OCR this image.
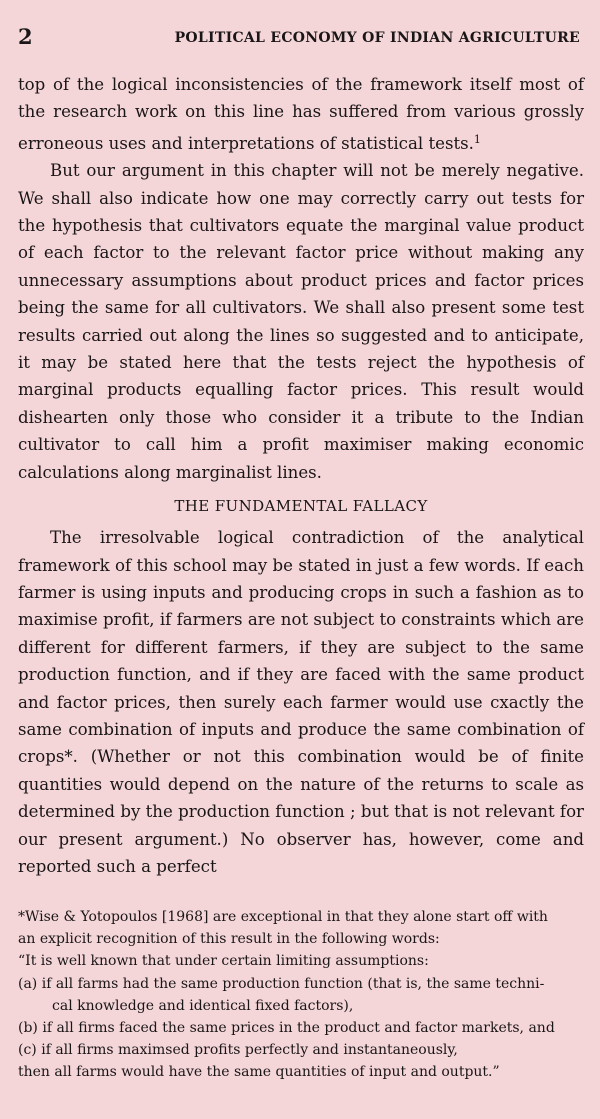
2	POLITICAL ECONOMY OF INDIAN AGRICULTURE

top of the logical inconsistencies of the framework itself most of the research work on this line has suffered from various grossly erroneous uses and interpretations of statistical tests.$^1$

But our argument in this chapter will not be merely negative. We shall also indicate how one may correctly carry out tests for the hypothesis that cultivators equate the marginal value product of each factor to the relevant factor price without making any unnecessary assumptions about product prices and factor prices being the same for all cultivators. We shall also present some test results carried out along the lines so suggested and to anticipate, it may be stated here that the tests reject the hypothesis of marginal products equalling factor prices. This result would dishearten only those who consider it a tribute to the Indian cultivator to call him a profit maximiser making economic calculations along marginalist lines.

THE FUNDAMENTAL FALLACY

The irresolvable logical contradiction of the analytical framework of this school may be stated in just a few words. If each farmer is using inputs and producing crops in such a fashion as to maximise profit, if farmers are not subject to constraints which are different for different farmers, if they are subject to the same production function, and if they are faced with the same product and factor prices, then surely each farmer would use cxactly the same combination of inputs and produce the same combination of crops*. (Whether or not this combination would be of finite quantities would depend on the nature of the returns to scale as determined by the production function ; but that is not relevant for our present argument.) No observer has, however, come and reported such a perfect

*Wise & Yotopoulos [1968] are exceptional in that they alone start off with
an explicit recognition of this result in the following words:
“It is well known that under certain limiting assumptions:
(a) if all farms had the same production function (that is, the same techni-
cal knowledge and identical fixed factors),
(b) if all firms faced the same prices in the product and factor markets, and
(c) if all firms maximsed profits perfectly and instantaneously,
then all farms would have the same quantities of input and output.”
